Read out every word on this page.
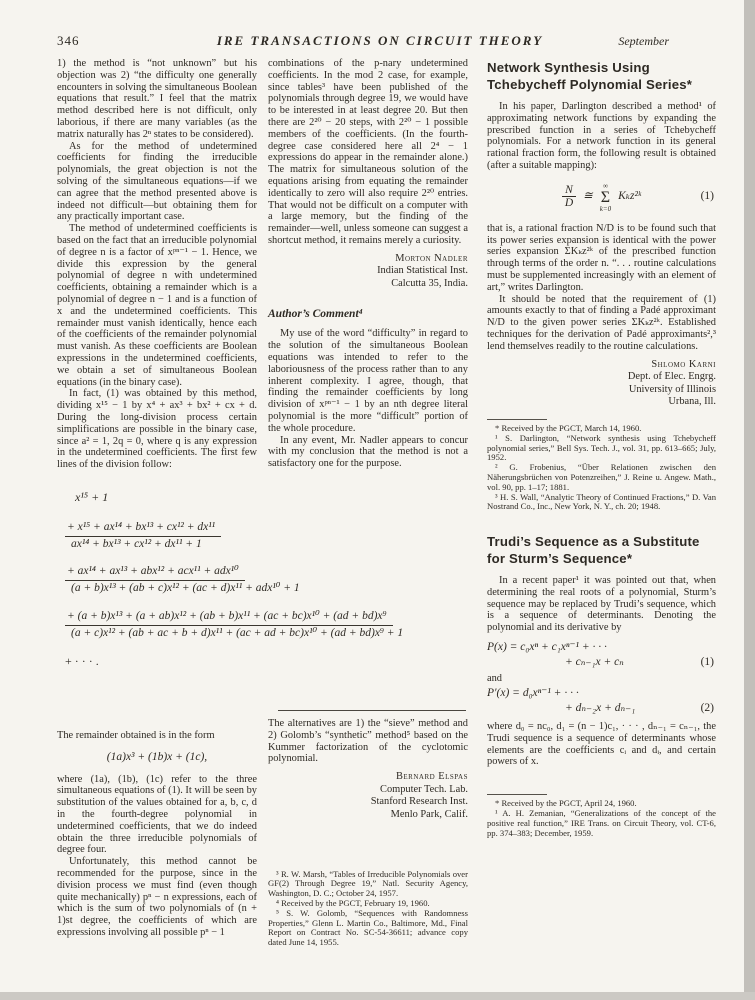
346	IRE TRANSACTIONS ON CIRCUIT THEORY	September

1) the method is “not unknown” but his objection was 2) “the difficulty one generally encounters in solving the simultaneous Boolean equations that result.” I feel that the matrix method described here is not difficult, only laborious, if there are many variables (as the matrix naturally has 2ⁿ states to be considered).

As for the method of undetermined coefficients for finding the irreducible polynomials, the great objection is not the solving of the simultaneous equations—if we can agree that the method presented above is indeed not difficult—but obtaining them for any practically important case.

The method of undetermined coefficients is based on the fact that an irreducible polynomial of degree n is a factor of xᵖⁿ⁻¹ − 1. Hence, we divide this expression by the general polynomial of degree n with undetermined coefficients, obtaining a remainder which is a polynomial of degree n − 1 and is a function of x and the undetermined coefficients. This remainder must vanish identically, hence each of the coefficients of the remainder polynomial must vanish. As these coefficients are Boolean expressions in the undetermined coefficients, we obtain a set of simultaneous Boolean equations (in the binary case).

In fact, (1) was obtained by this method, dividing x¹⁵ − 1 by x⁴ + ax³ + bx² + cx + d. During the long-division process certain simplifications are possible in the binary case, since a² = 1, 2q = 0, where q is any expression in the undetermined coefficients. The first few lines of the division follow:

combinations of the p-nary undetermined coefficients. In the mod 2 case, for example, since tables³ have been published of the polynomials through degree 19, we would have to be interested in at least degree 20. But then there are 2²⁰ − 20 steps, with 2²⁰ − 1 possible members of the coefficients. (In the fourth-degree case considered here all 2⁴ − 1 expressions do appear in the remainder alone.) The matrix for simultaneous solution of the equations arising from equating the remainder identically to zero will also require 2²⁰ entries. That would not be difficult on a computer with a large memory, but the finding of the remainder—well, unless someone can suggest a shortcut method, it remains merely a curiosity.

Morton Nadler
Indian Statistical Inst.
Calcutta 35, India.
Author’s Comment⁴

My use of the word “difficulty” in regard to the solution of the simultaneous Boolean equations was intended to refer to the laboriousness of the process rather than to any inherent complexity. I agree, though, that finding the remainder coefficients by long division of xᵖⁿ⁻¹ − 1 by an nth degree literal polynomial is the more “difficult” portion of the whole procedure.

In any event, Mr. Nadler appears to concur with my conclusion that the method is not a satisfactory one for the purpose.

x¹⁵ + 1
+ x¹⁵ + ax¹⁴ + bx¹³ + cx¹² + dx¹¹
ax¹⁴ + bx¹³ + cx¹² + dx¹¹ + 1
+ ax¹⁴ + ax¹³ + abx¹² + acx¹¹ + adx¹⁰
(a + b)x¹³ + (ab + c)x¹² + (ac + d)x¹¹ + adx¹⁰ + 1
+ (a + b)x¹³ + (a + ab)x¹² + (ab + b)x¹¹ + (ac + bc)x¹⁰ + (ad + bd)x⁹
(a + c)x¹² + (ab + ac + b + d)x¹¹ + (ac + ad + bc)x¹⁰ + (ad + bd)x⁹ + 1
+ · · · .

The remainder obtained is in the form

(1a)x³ + (1b)x + (1c),

where (1a), (1b), (1c) refer to the three simultaneous equations of (1). It will be seen by substitution of the values obtained for a, b, c, d in the fourth-degree polynomial in undetermined coefficients, that we do indeed obtain the three irreducible polynomials of degree four.

Unfortunately, this method cannot be recommended for the purpose, since in the division process we must find (even though quite mechanically) pⁿ − n expressions, each of which is the sum of two polynomials of (n + 1)st degree, the coefficients of which are expressions involving all possible pⁿ − 1

The alternatives are 1) the “sieve” method and 2) Golomb’s “synthetic” method⁵ based on the Kummer factorization of the cyclotomic polynomial.

Bernard Elspas
Computer Tech. Lab.
Stanford Research Inst.
Menlo Park, Calif.

³ R. W. Marsh, “Tables of Irreducible Polynomials over GF(2) Through Degree 19,” Natl. Security Agency, Washington, D. C.; October 24, 1957.

⁴ Received by the PGCT, February 19, 1960.

⁵ S. W. Golomb, “Sequences with Randomness Properties,” Glenn L. Martin Co., Baltimore, Md., Final Report on Contract No. SC-54-36611; advance copy dated June 14, 1955.

Network Synthesis Using Tchebycheff Polynomial Series*

In his paper, Darlington described a method¹ of approximating network functions by expanding the prescribed function in a series of Tchebycheff polynomials. For a network function in its general rational fraction form, the following result is obtained (after a suitable mapping):

$\frac{N}{D}$ ≅
∞
Σ
k=0
Kₖz²ᵏ	(1)

that is, a rational fraction N/D is to be found such that its power series expansion is identical with the power series expansion ΣKₖz²ᵏ of the prescribed function through terms of the order n. “. . . routine calculations must be supplemented increasingly with an element of art,” writes Darlington.

It should be noted that the requirement of (1) amounts exactly to that of finding a Padé approximant N/D to the given power series ΣKₖz²ᵏ. Established techniques for the derivation of Padé approximants²,³ lend themselves readily to the routine calculations.

Shlomo Karni
Dept. of Elec. Engrg.
University of Illinois
Urbana, Ill.

* Received by the PGCT, March 14, 1960.

¹ S. Darlington, “Network synthesis using Tchebycheff polynomial series,” Bell Sys. Tech. J., vol. 31, pp. 613–665; July, 1952.

² G. Frobenius, “Über Relationen zwischen den Näherungsbrüchen von Potenzreihen,” J. Reine u. Angew. Math., vol. 90, pp. 1–17; 1881.

³ H. S. Wall, “Analytic Theory of Continued Fractions,” D. Van Nostrand Co., Inc., New York, N. Y., ch. 20; 1948.

Trudi’s Sequence as a Substitute for Sturm’s Sequence*

In a recent paper¹ it was pointed out that, when determining the real roots of a polynomial, Sturm’s sequence may be replaced by Trudi’s sequence, which is a sequence of determinants. Denoting the polynomial and its derivative by

P(x) = c₀xⁿ + c₁xⁿ⁻¹ + · · ·
+ cₙ₋₁x + cₙ	(1)
and
P′(x) = d₀xⁿ⁻¹ + · · ·
+ dₙ₋₂x + dₙ₋₁	(2)

where d₀ = nc₀, d₁ = (n − 1)c₁, · · · , dₙ₋₁ = cₙ₋₁, the Trudi sequence is a sequence of determinants whose elements are the coefficients cᵢ and dᵢ, and certain powers of x.

* Received by the PGCT, April 24, 1960.

¹ A. H. Zemanian, “Generalizations of the concept of the positive real function,” IRE Trans. on Circuit Theory, vol. CT-6, pp. 374–383; December, 1959.
